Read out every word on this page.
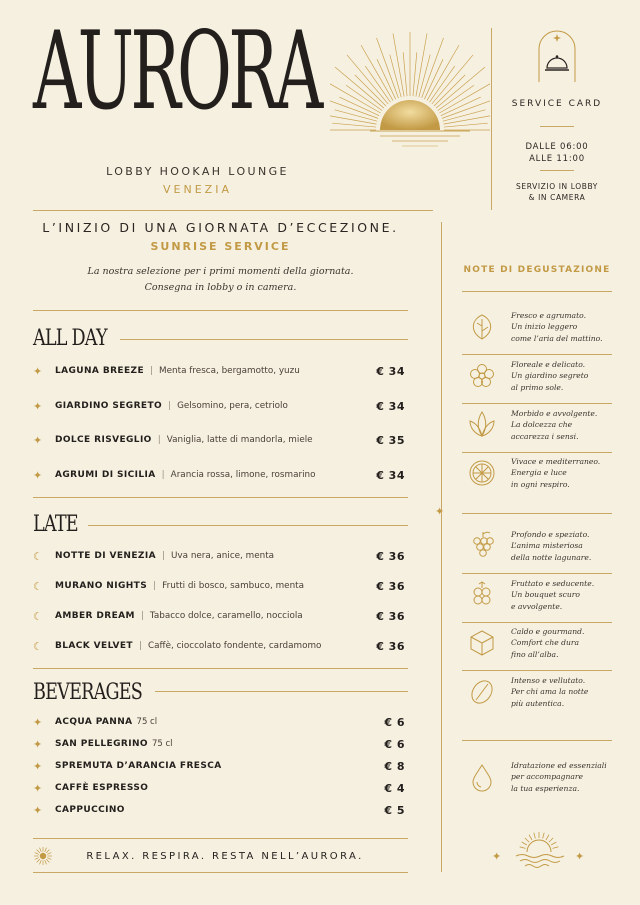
AURORA
LOBBY HOOKAH LOUNGE
VENEZIA
SERVICE CARD
DALLE 06:00
ALLE 11:00
SERVIZIO IN LOBBY
& IN CAMERA
L’INIZIO DI UNA GIORNATA D’ECCEZIONE.
SUNRISE SERVICE
La nostra selezione per i primi momenti della giornata.
Consegna in lobby o in camera.
✦
ALL DAY
✦	LAGUNA BREEZE | Menta fresca, bergamotto, yuzu	€ 34
✦	GIARDINO SEGRETO | Gelsomino, pera, cetriolo	€ 34
✦	DOLCE RISVEGLIO | Vaniglia, latte di mandorla, miele	€ 35
✦	AGRUMI DI SICILIA | Arancia rossa, limone, rosmarino	€ 34
LATE
☾	NOTTE DI VENEZIA | Uva nera, anice, menta	€ 36
☾	MURANO NIGHTS | Frutti di bosco, sambuco, menta	€ 36
☾	AMBER DREAM | Tabacco dolce, caramello, nocciola	€ 36
☾	BLACK VELVET | Caffè, cioccolato fondente, cardamomo	€ 36
BEVERAGES
✦	ACQUA PANNA 75 cl	€ 6
✦	SAN PELLEGRINO 75 cl	€ 6
✦	SPREMUTA D’ARANCIA FRESCA	€ 8
✦	CAFFÈ ESPRESSO	€ 4
✦	CAPPUCCINO	€ 5
NOTE DI DEGUSTAZIONE
Fresco e agrumato.
Un inizio leggero
come l’aria del mattino.
Floreale e delicato.
Un giardino segreto
al primo sole.
Morbido e avvolgente.
La dolcezza che
accarezza i sensi.
Vivace e mediterraneo.
Energia e luce
in ogni respiro.
Profondo e speziato.
L’anima misteriosa
della notte lagunare.
Fruttato e seducente.
Un bouquet scuro
e avvolgente.
Caldo e gourmand.
Comfort che dura
fino all’alba.
Intenso e vellutato.
Per chi ama la notte
più autentica.
Idratazione ed essenziali
per accompagnare
la tua esperienza.
RELAX. RESPIRA. RESTA NELL’AURORA.	✦	✦
